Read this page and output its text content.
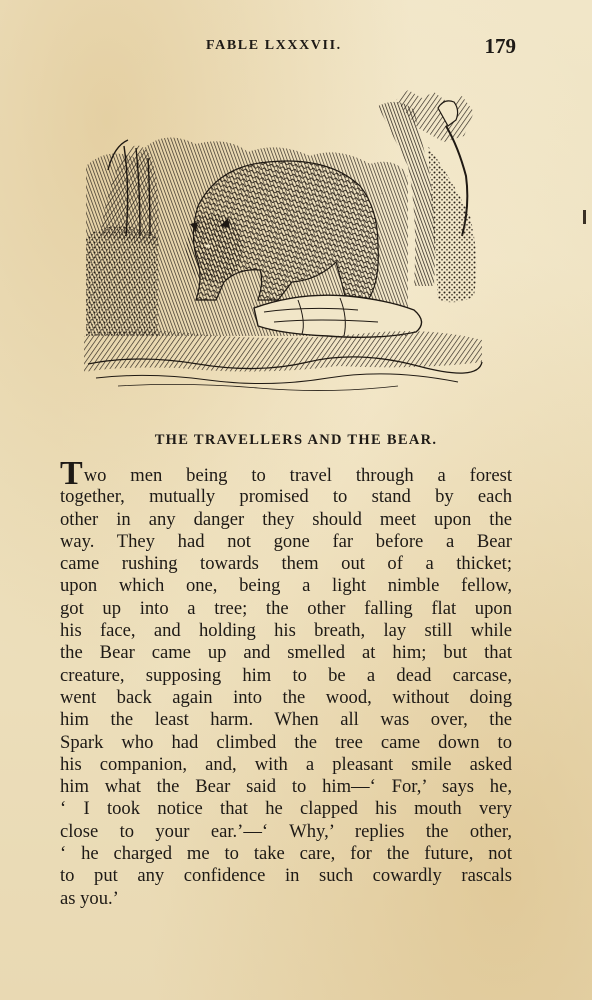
FABLE LXXXVII.	179
THE TRAVELLERS AND THE BEAR.
Two men being to travel through a forest
together, mutually promised to stand by each
other in any danger they should meet upon the
way. They had not gone far before a Bear
came rushing towards them out of a thicket;
upon which one, being a light nimble fellow,
got up into a tree; the other falling flat upon
his face, and holding his breath, lay still while
the Bear came up and smelled at him; but that
creature, supposing him to be a dead carcase,
went back again into the wood, without doing
him the least harm. When all was over, the
Spark who had climbed the tree came down to
his companion, and, with a pleasant smile asked
him what the Bear said to him—‘ For,’ says he,
‘ I took notice that he clapped his mouth very
close to your ear.’—‘ Why,’ replies the other,
‘ he charged me to take care, for the future, not
to put any confidence in such cowardly rascals
as you.’
